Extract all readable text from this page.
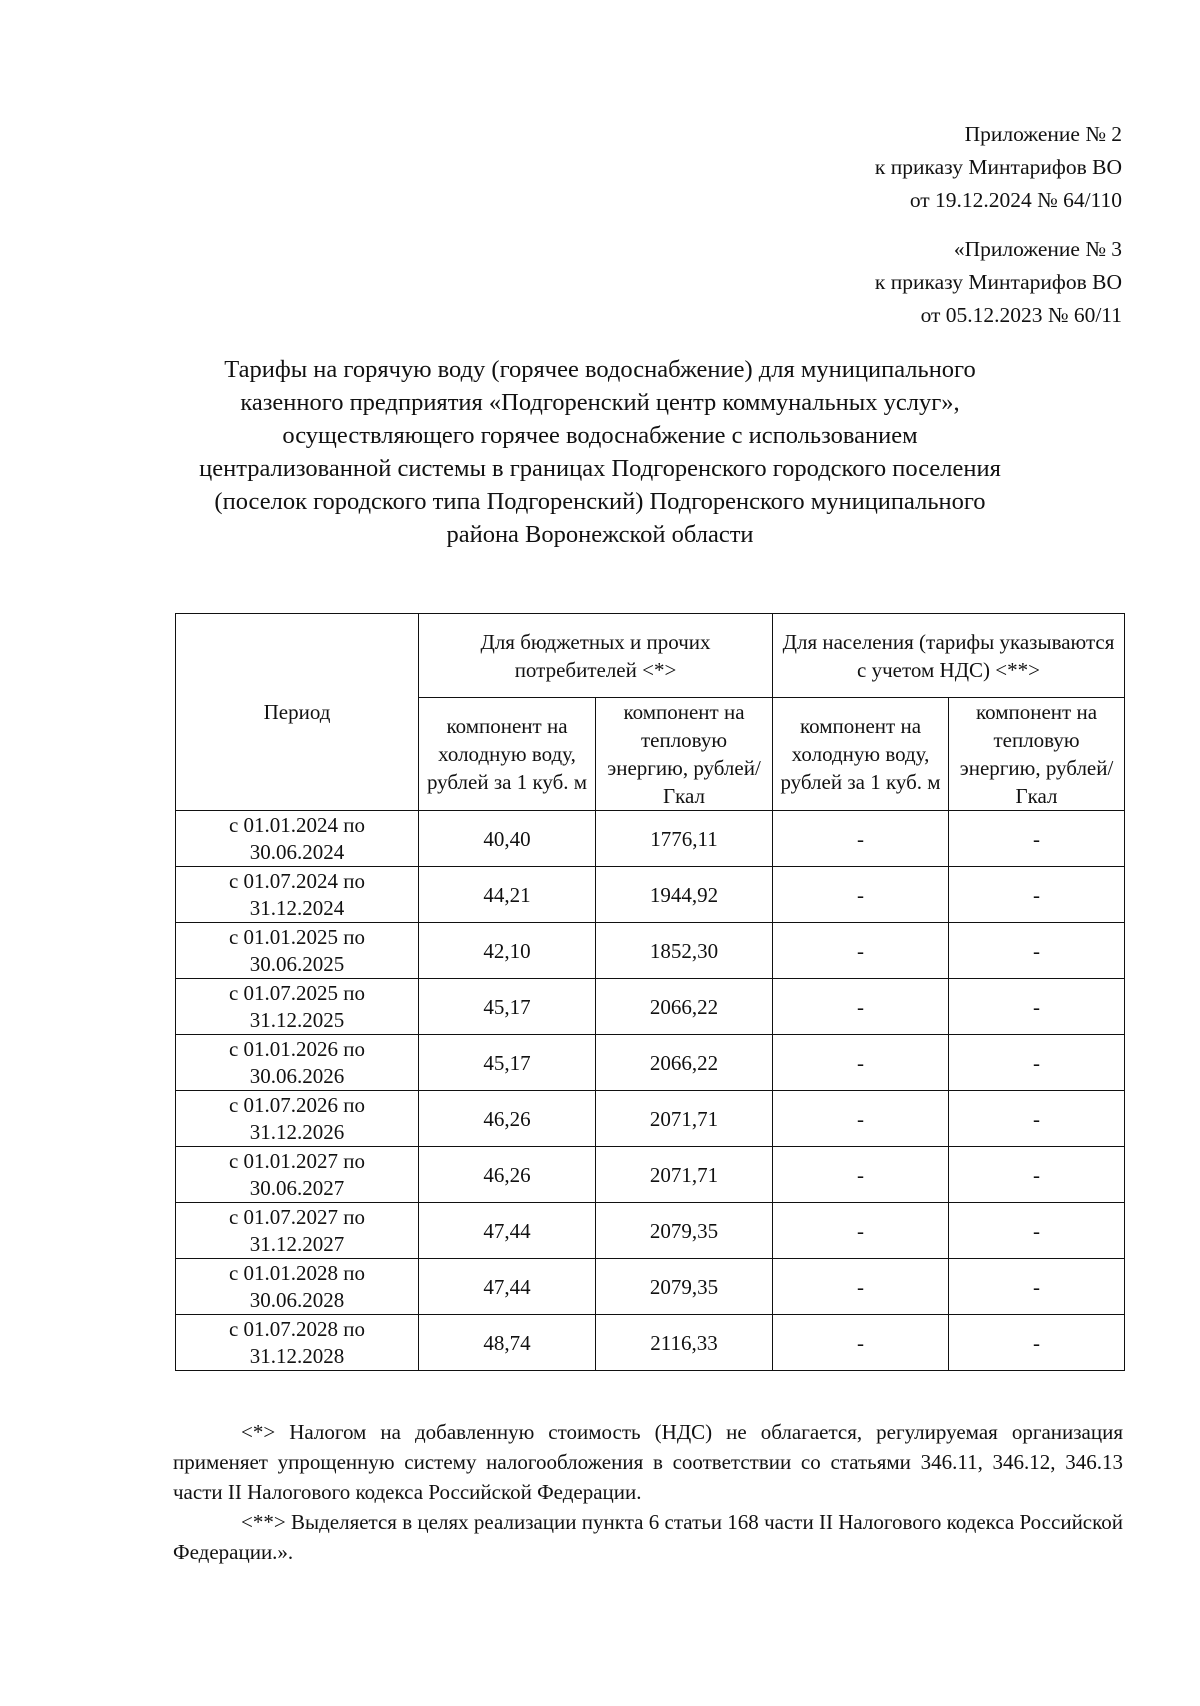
Приложение № 2
к приказу Минтарифов ВО
от 19.12.2024 № 64/110
«Приложение № 3
к приказу Минтарифов ВО
от 05.12.2023 № 60/11
Тарифы на горячую воду (горячее водоснабжение) для муниципального
казенного предприятия «Подгоренский центр коммунальных услуг»,
осуществляющего горячее водоснабжение с использованием
централизованной системы в границах Подгоренского городского поселения
(поселок городского типа Подгоренский) Подгоренского муниципального
района Воронежской области
Период	Для бюджетных и прочих потребителей <*>		Для населения (тарифы указываются с учетом НДС) <**>	
	компонент на холодную воду, рублей за 1 куб. м	компонент на тепловую энергию, рублей/Гкал	компонент на холодную воду, рублей за 1 куб. м	компонент на тепловую энергию, рублей/Гкал

с 01.01.2024 по
30.06.2024	40,40	1776,11	-	-

с 01.07.2024 по
31.12.2024	44,21	1944,92	-	-

с 01.01.2025 по
30.06.2025	42,10	1852,30	-	-

с 01.07.2025 по
31.12.2025	45,17	2066,22	-	-

с 01.01.2026 по
30.06.2026	45,17	2066,22	-	-

с 01.07.2026 по
31.12.2026	46,26	2071,71	-	-

с 01.01.2027 по
30.06.2027	46,26	2071,71	-	-

с 01.07.2027 по
31.12.2027	47,44	2079,35	-	-

с 01.01.2028 по
30.06.2028	47,44	2079,35	-	-

с 01.07.2028 по
31.12.2028	48,74	2116,33	-	-

<*> Налогом на добавленную стоимость (НДС) не облагается, регулируемая организация применяет упрощенную систему налогообложения в соответствии со статьями 346.11, 346.12, 346.13 части II Налогового кодекса Российской Федерации.

<**> Выделяется в целях реализации пункта 6 статьи 168 части II Налогового кодекса Российской Федерации.».
